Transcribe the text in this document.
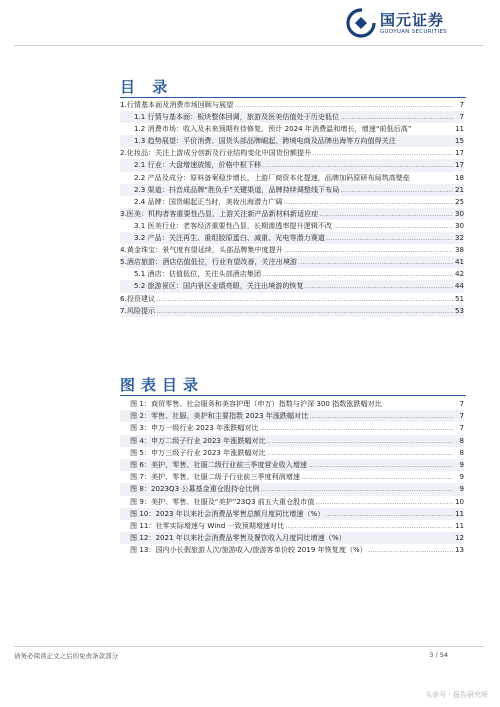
国元证券
GUOYUAN SECURITIES
目 录
1.行情基本面及消费市场回顾与展望 .....	7
1.1 行情与基本面：板块整体回调，旅游及医美估值处于历史低位 .....	7
1.2 消费市场：收入及未来预期有待修复，预计 2024 年消费温和增长，增速“前低后高”	11
1.3 趋势展望：平价消费、国货头部品牌崛起、跨境电商及品牌出海等方向值得关注	15
2.化妆品：关注上游成分创新及行业结构变化中国货份额提升 .....	17
2.1 行业：大盘增速放缓，价格中枢下移 .....	17
2.2 产品及成分：原料备案稳步增长，上游厂商资本化提速，品牌加码原研布局筑高壁垒	18
2.3 渠道：抖音成品牌“胜负手”关键渠道，品牌持续调整线下布局 .....	21
2.4 品牌：国货崛起正当时，美妆出海潜力广阔 .....	25
3.医美：机构者客重要性凸显，上游关注新产品新材料新适应症 .....	30
3.1 医美行业：老客经济重要性凸显，长期渗透率提升逻辑不改 .....	30
3.2 产品：关注再生、重组胶原蛋白、减重、光电等潜力赛道 .....	32
4.黄金珠宝：景气度有望延续，头部品牌集中度提升 .....	38
5.酒店旅游：酒店估值低位，行业有望改善，关注出境游 .....	41
5.1 酒店：估值低位，关注头部酒店集团 .....	42
5.2 旅游景区：国内景区业绩亮眼，关注出境游的恢复 .....	44
6.投资建议 .....	51
7.风险提示 .....	53
图表目录
图 1：商贸零售、社会服务和美容护理（申万）指数与沪深 300 指数涨跌幅对比	7
图 2：零售、社服、美护和主要指数 2023 年涨跌幅对比 .....	7
图 3：申万一级行业 2023 年涨跌幅对比 .....	7
图 4：申万二级子行业 2023 年涨跌幅对比 .....	8
图 5：申万三级子行业 2023 年涨跌幅对比 .....	8
图 6：美护、零售、社服二级行业前三季度营业收入增速 .....	9
图 7：美护、零售、社服二级子行业前三季度利润增速 .....	9
图 8：2023Q3 公募基金重仓股持仓比例 .....	9
图 9：美护、零售、社服及“美护”23Q3 前五大重仓股市值 .....	10
图 10：2023 年以来社会消费品零售总额月度同比增速（%） .....	11
图 11：社零实际增速与 Wind 一致预期增速对比 .....	11
图 12：2021 年以来社会消费品零售及餐饮收入月度同比增速（%）	12
图 13：国内小长假旅游人次/旅游收入/旅游客单价较 2019 年恢复度（%） .....	13
请务必阅读正文之后的免责条款部分	3 / 54
头条号 · 报告研究所
